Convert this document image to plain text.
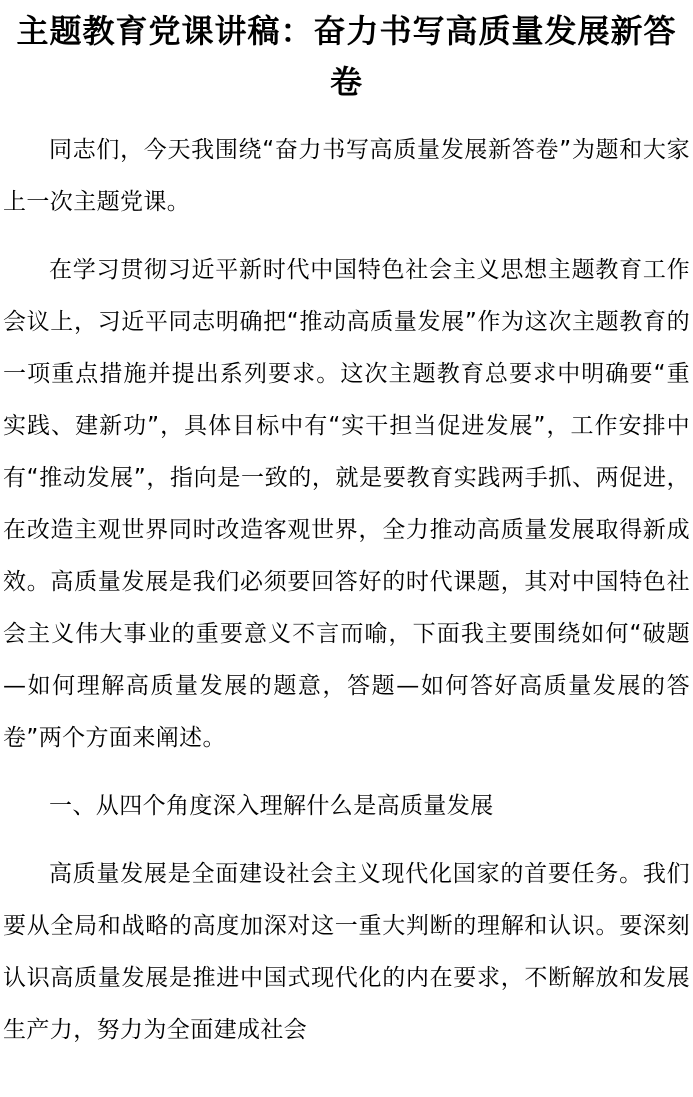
主题教育党课讲稿：奋力书写高质量发展新答卷

同志们，今天我围绕“奋力书写高质量发展新答卷”为题和大家上一次主题党课。

在学习贯彻习近平新时代中国特色社会主义思想主题教育工作会议上，习近平同志明确把“推动高质量发展”作为这次主题教育的一项重点措施并提出系列要求。这次主题教育总要求中明确要“重实践、建新功”，具体目标中有“实干担当促进发展”，工作安排中有“推动发展”，指向是一致的，就是要教育实践两手抓、两促进，在改造主观世界同时改造客观世界，全力推动高质量发展取得新成效。高质量发展是我们必须要回答好的时代课题，其对中国特色社会主义伟大事业的重要意义不言而喻，下面我主要围绕如何“破题—如何理解高质量发展的题意，答题—如何答好高质量发展的答卷”两个方面来阐述。

一、从四个角度深入理解什么是高质量发展

高质量发展是全面建设社会主义现代化国家的首要任务。我们要从全局和战略的高度加深对这一重大判断的理解和认识。要深刻认识高质量发展是推进中国式现代化的内在要求，不断解放和发展生产力，努力为全面建成社会
